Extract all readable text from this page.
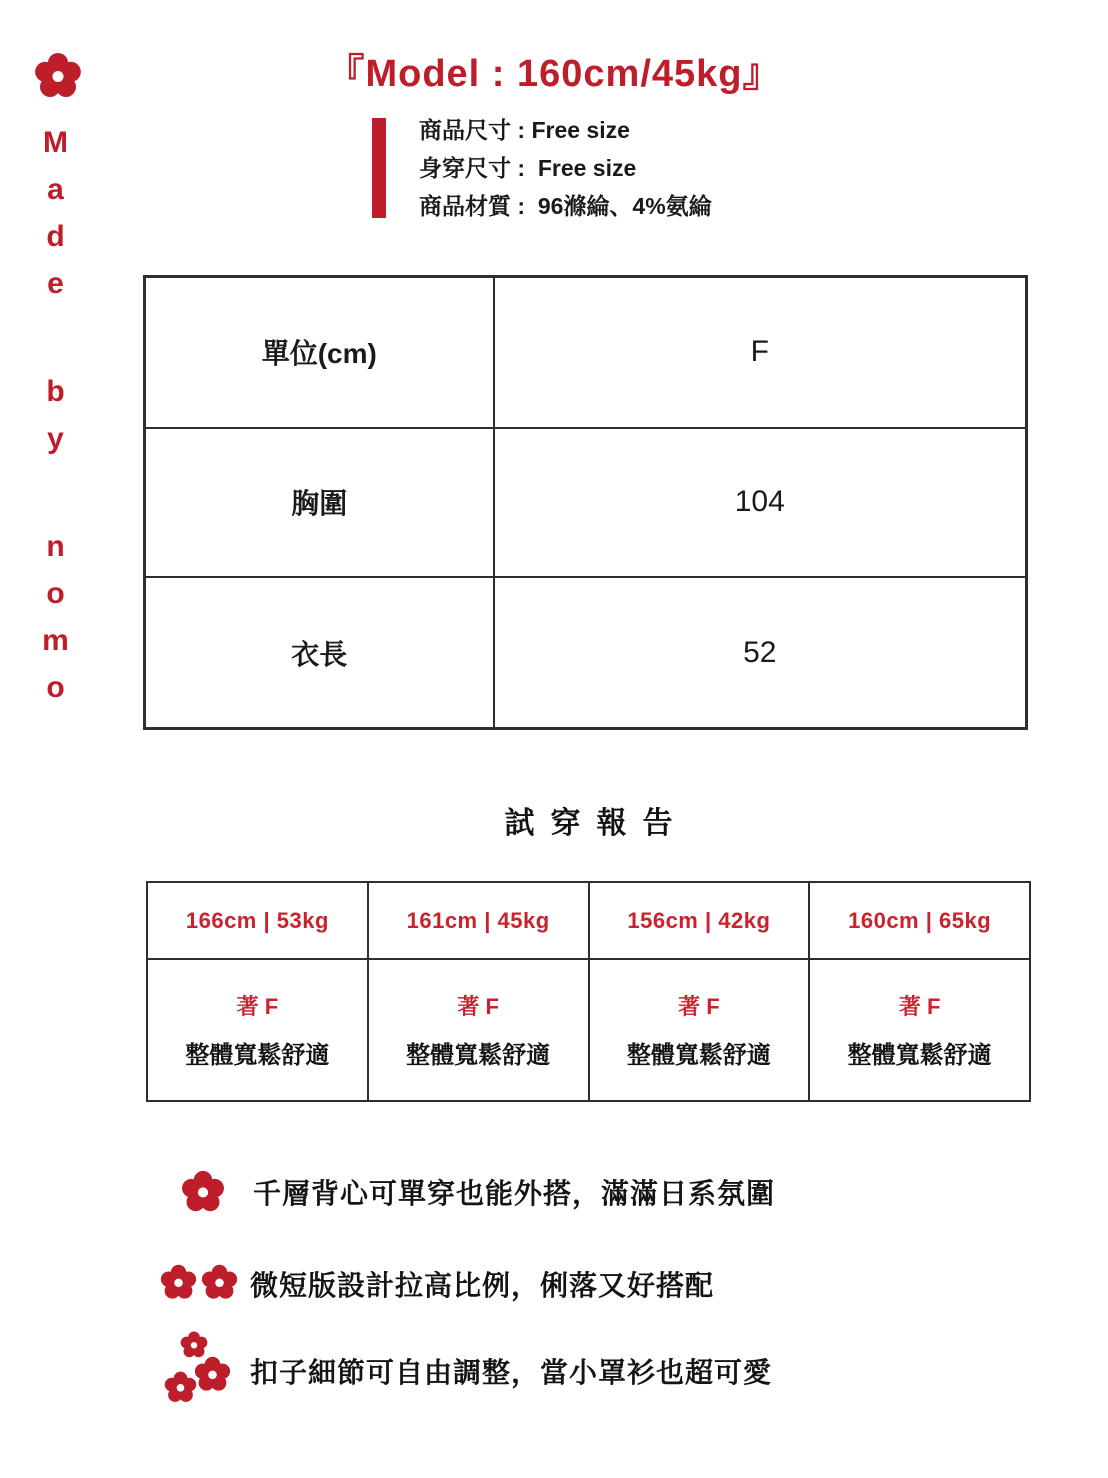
Made by nomo
『Model : 160cm/45kg』
商品尺寸 : Free size
身穿尺寸 :  Free size
商品材質 :  96滌綸、4%氨綸
單位(cm)	F
胸圍	104
衣長	52
試穿報告
166cm | 53kg	161cm | 45kg	156cm | 42kg	160cm | 65kg

著 F
整體寬鬆舒適

著 F
整體寬鬆舒適

著 F
整體寬鬆舒適

著 F
整體寬鬆舒適
千層背心可單穿也能外搭，滿滿日系氛圍
微短版設計拉高比例，俐落又好搭配
扣子細節可自由調整，當小罩衫也超可愛
